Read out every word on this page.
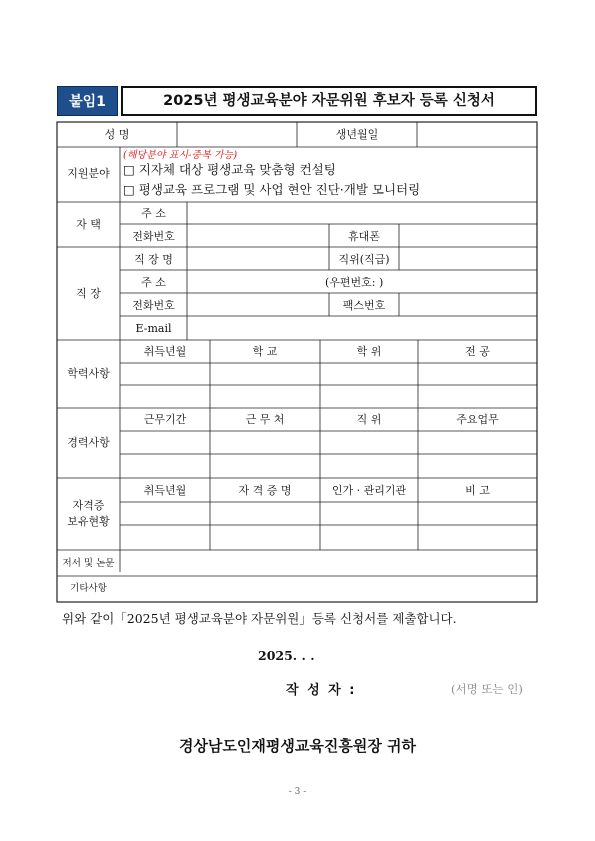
붙임1	2025년 평생교육분야 자문위원 후보자 등록 신청서
성 명	생년월일
지원분야
(해당분야 표시-중복 가능)
□ 지자체 대상 평생교육 맞춤형 컨설팅
□ 평생교육 프로그램 및 사업 현안 진단·개발 모니터링
자 택
주 소
전화번호	휴대폰
직 장
직 장 명	직위(직급)
주 소	(우편번호: )
전화번호	팩스번호
E-mail
학력사항
취득년월	학 교	학 위	전 공
경력사항
근무기간	근 무 처	직 위	주요업무
자격증
보유현황
취득년월	자 격 증 명	인가 · 관리기관	비 고
저서 및 논문
기타사항
위와 같이「2025년 평생교육분야 자문위원」등록 신청서를 제출합니다.
2025. . .
작 성 자 :	(서명 또는 인)
경상남도인재평생교육진흥원장 귀하
- 3 -
